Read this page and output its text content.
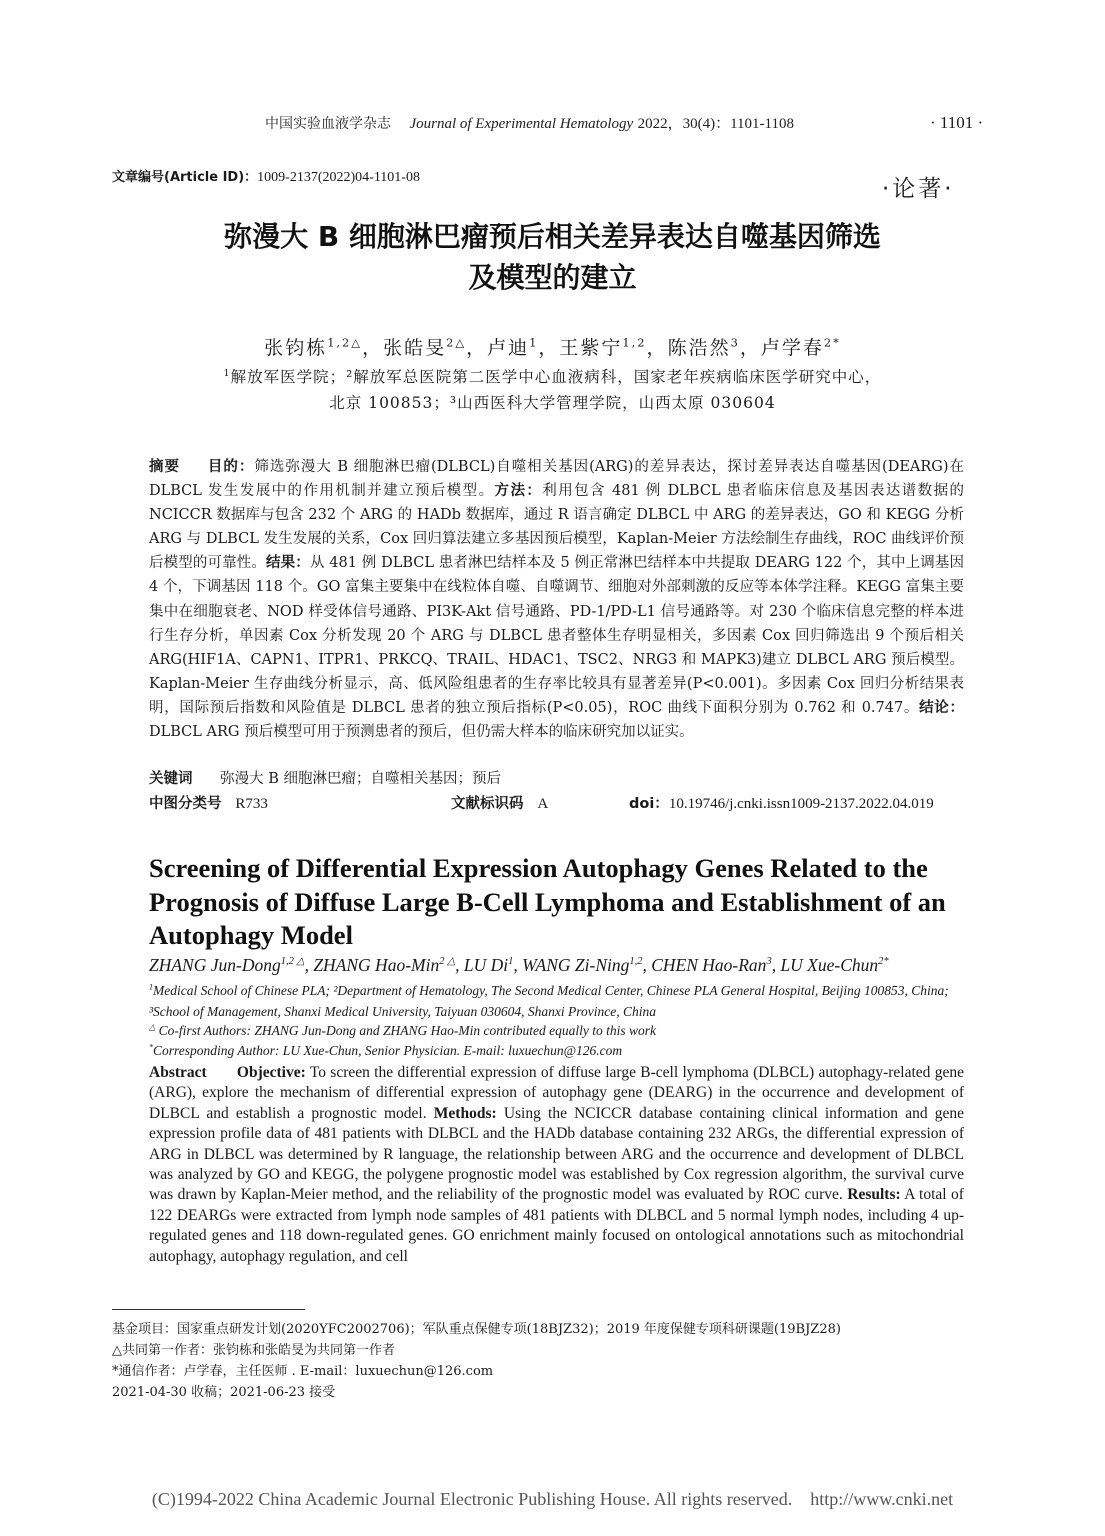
中国实验血液学杂志 Journal of Experimental Hematology 2022，30(4)：1101-1108	· 1101 ·
文章编号(Article ID)：1009-2137(2022)04-1101-08	·论著·
弥漫大 B 细胞淋巴瘤预后相关差异表达自噬基因筛选
及模型的建立
张钧栋$^{1,2\triangle}$，张皓旻$^{2\triangle}$，卢迪$^1$，王紫宁$^{1,2}$，陈浩然$^3$，卢学春$^{2*}$
$^1$解放军医学院；²解放军总医院第二医学中心血液病科，国家老年疾病临床医学研究中心，
北京 100853；³山西医科大学管理学院，山西太原 030604
摘要 目的：筛选弥漫大 B 细胞淋巴瘤(DLBCL)自噬相关基因(ARG)的差异表达，探讨差异表达自噬基因(DEARG)在 DLBCL 发生发展中的作用机制并建立预后模型。方法：利用包含 481 例 DLBCL 患者临床信息及基因表达谱数据的 NCICCR 数据库与包含 232 个 ARG 的 HADb 数据库，通过 R 语言确定 DLBCL 中 ARG 的差异表达，GO 和 KEGG 分析 ARG 与 DLBCL 发生发展的关系，Cox 回归算法建立多基因预后模型，Kaplan-Meier 方法绘制生存曲线，ROC 曲线评价预后模型的可靠性。结果：从 481 例 DLBCL 患者淋巴结样本及 5 例正常淋巴结样本中共提取 DEARG 122 个，其中上调基因 4 个，下调基因 118 个。GO 富集主要集中在线粒体自噬、自噬调节、细胞对外部刺激的反应等本体学注释。KEGG 富集主要集中在细胞衰老、NOD 样受体信号通路、PI3K-Akt 信号通路、PD-1/PD-L1 信号通路等。对 230 个临床信息完整的样本进行生存分析，单因素 Cox 分析发现 20 个 ARG 与 DLBCL 患者整体生存明显相关，多因素 Cox 回归筛选出 9 个预后相关 ARG(HIF1A、CAPN1、ITPR1、PRKCQ、TRAIL、HDAC1、TSC2、NRG3 和 MAPK3)建立 DLBCL ARG 预后模型。Kaplan-Meier 生存曲线分析显示，高、低风险组患者的生存率比较具有显著差异(P<0.001)。多因素 Cox 回归分析结果表明，国际预后指数和风险值是 DLBCL 患者的独立预后指标(P<0.05)，ROC 曲线下面积分别为 0.762 和 0.747。结论：DLBCL ARG 预后模型可用于预测患者的预后，但仍需大样本的临床研究加以证实。
关键词 弥漫大 B 细胞淋巴瘤；自噬相关基因；预后
中图分类号 R733	文献标识码 A	doi：10.19746/j.cnki.issn1009-2137.2022.04.019
Screening of Differential Expression Autophagy Genes Related to the Prognosis of Diffuse Large B-Cell Lymphoma and Establishment of an Autophagy Model
ZHANG Jun-Dong$^{1,2 \triangle}$, ZHANG Hao-Min$^{2 \triangle}$, LU Di$^1$, WANG Zi-Ning$^{1,2}$, CHEN Hao-Ran$^3$, LU Xue-Chun$^{2*}$
$^1$Medical School of Chinese PLA; ²Department of Hematology, The Second Medical Center, Chinese PLA General Hospital, Beijing 100853, China; ³School of Management, Shanxi Medical University, Taiyuan 030604, Shanxi Province, China
△ Co-first Authors: ZHANG Jun-Dong and ZHANG Hao-Min contributed equally to this work
*Corresponding Author: LU Xue-Chun, Senior Physician. E-mail: luxuechun@126.com
Abstract Objective: To screen the differential expression of diffuse large B-cell lymphoma (DLBCL) autophagy-related gene (ARG), explore the mechanism of differential expression of autophagy gene (DEARG) in the occurrence and development of DLBCL and establish a prognostic model. Methods: Using the NCICCR database containing clinical information and gene expression profile data of 481 patients with DLBCL and the HADb database containing 232 ARGs, the differential expression of ARG in DLBCL was determined by R language, the relationship between ARG and the occurrence and development of DLBCL was analyzed by GO and KEGG, the polygene prognostic model was established by Cox regression algorithm, the survival curve was drawn by Kaplan-Meier method, and the reliability of the prognostic model was evaluated by ROC curve. Results: A total of 122 DEARGs were extracted from lymph node samples of 481 patients with DLBCL and 5 normal lymph nodes, including 4 up-regulated genes and 118 down-regulated genes. GO enrichment mainly focused on ontological annotations such as mitochondrial autophagy, autophagy regulation, and cell
基金项目：国家重点研发计划(2020YFC2002706)；军队重点保健专项(18BJZ32)；2019 年度保健专项科研课题(19BJZ28)
△共同第一作者：张钧栋和张皓旻为共同第一作者
*通信作者：卢学春，主任医师 . E-mail：luxuechun@126.com
2021-04-30 收稿；2021-06-23 接受
(C)1994-2022 China Academic Journal Electronic Publishing House. All rights reserved.    http://www.cnki.net
